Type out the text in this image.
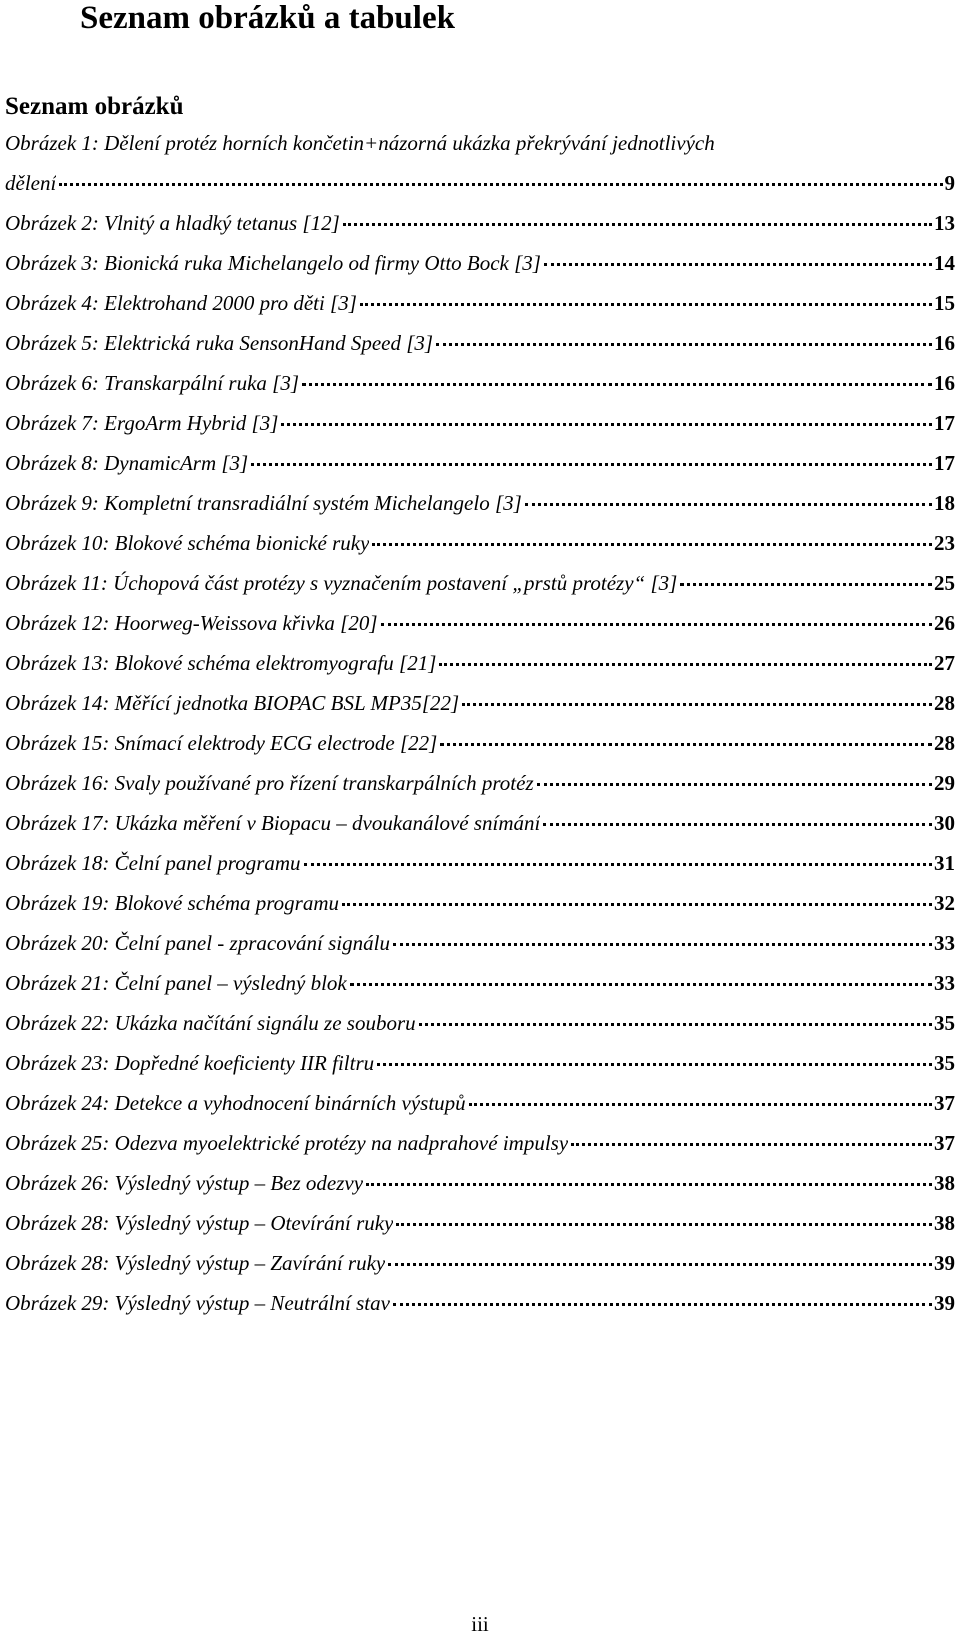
Seznam obrázků a tabulek
Seznam obrázků
Obrázek 1: Dělení protéz horních končetin+názorná ukázka překrývání jednotlivých
dělení	9
Obrázek 2: Vlnitý a hladký tetanus [12]	13
Obrázek 3: Bionická ruka Michelangelo od firmy Otto Bock [3]	14
Obrázek 4: Elektrohand 2000 pro děti [3]	15
Obrázek 5: Elektrická ruka SensonHand Speed [3]	16
Obrázek 6: Transkarpální ruka [3]	16
Obrázek 7: ErgoArm Hybrid [3]	17
Obrázek 8: DynamicArm [3]	17
Obrázek 9: Kompletní transradiální systém Michelangelo [3]	18
Obrázek 10: Blokové schéma bionické ruky	23
Obrázek 11: Úchopová část protézy s vyznačením postavení „prstů protézy“ [3]	25
Obrázek 12: Hoorweg-Weissova křivka [20]	26
Obrázek 13: Blokové schéma elektromyografu [21]	27
Obrázek 14: Měřící jednotka BIOPAC BSL MP35[22]	28
Obrázek 15: Snímací elektrody ECG electrode [22]	28
Obrázek 16: Svaly používané pro řízení transkarpálních protéz	29
Obrázek 17: Ukázka měření v Biopacu – dvoukanálové snímání	30
Obrázek 18: Čelní panel programu	31
Obrázek 19: Blokové schéma programu	32
Obrázek 20: Čelní panel - zpracování signálu	33
Obrázek 21: Čelní panel – výsledný blok	33
Obrázek 22: Ukázka načítání signálu ze souboru	35
Obrázek 23: Dopředné koeficienty IIR filtru	35
Obrázek 24: Detekce a vyhodnocení binárních výstupů	37
Obrázek 25: Odezva myoelektrické protézy na nadprahové impulsy	37
Obrázek 26: Výsledný výstup – Bez odezvy	38
Obrázek 28: Výsledný výstup – Otevírání ruky	38
Obrázek 28: Výsledný výstup – Zavírání ruky	39
Obrázek 29: Výsledný výstup – Neutrální stav	39
iii
